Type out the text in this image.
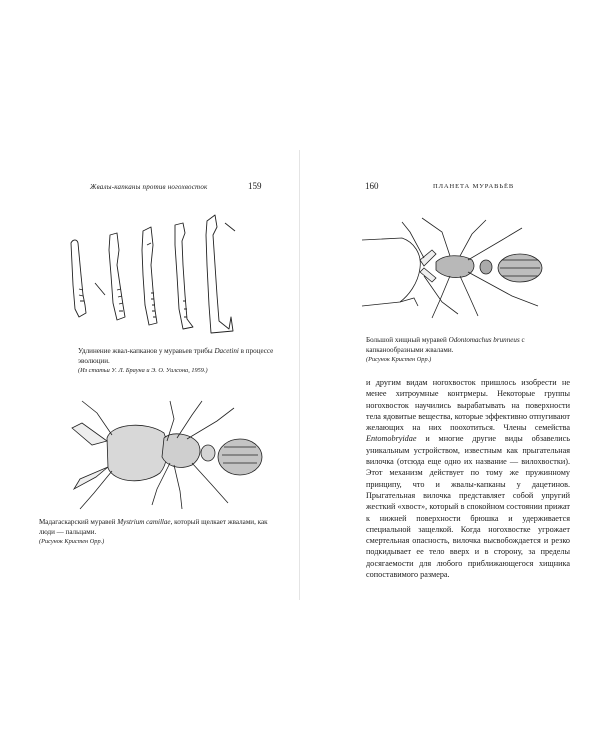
Жвалы-капканы против ногохвосток	159
Удлинение жвал-капканов у муравьев трибы Dacetini в процессе эволюции.
(Из статьи У. Л. Брауна и Э. О. Уилсона, 1959.)
Мадагаскарский муравей Mystrium camillae, который щелкает жвалами, как люди — пальцами.
(Рисунок Кристен Орр.)
160	ПЛАНЕТА МУРАВЬЁВ
Большой хищный муравей Odontomachus brunneus с капканообразными жвалами.
(Рисунок Кристен Орр.)
и другим видам ногохвосток пришлось изобрести не менее хитроумные контрмеры. Некоторые группы ногохвосток научились вырабатывать на поверхности тела ядовитые вещества, которые эффективно отпугивают желающих на них поохотиться. Члены семейства Entomobryidae и многие другие виды обзавелись уникальным устройством, известным как прыгательная вилочка (отсюда еще одно их название — вилохвостки). Этот механизм действует по тому же пружинному принципу, что и жвалы-капканы у дацетинов. Прыгательная вилочка представляет собой упругий жесткий «хвост», который в спокойном состоянии прижат к нижней поверхности брюшка и удерживается специальной защелкой. Когда ногохвостке угрожает смертельная опасность, вилочка высвобождается и резко подкидывает ее тело вверх и в сторону, за пределы досягаемости для любого приближающегося хищника сопоставимого размера.
